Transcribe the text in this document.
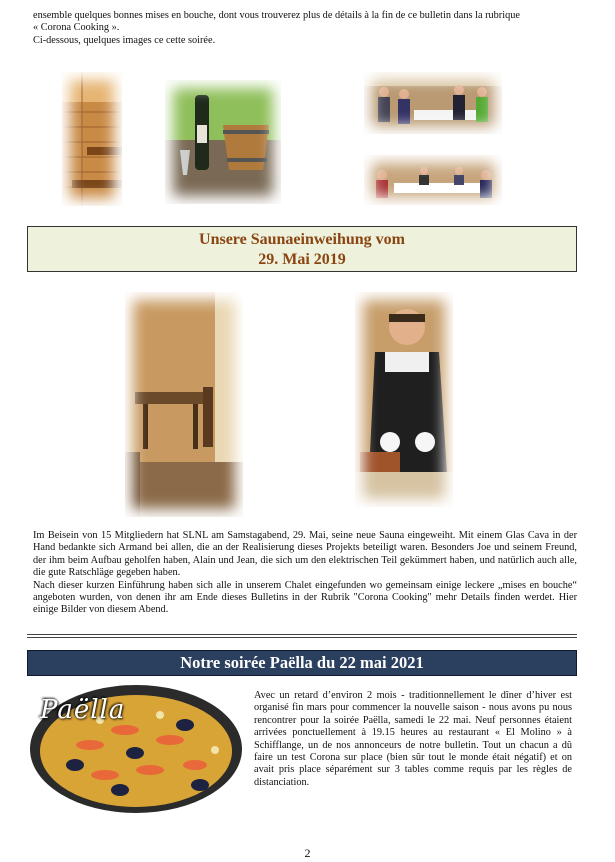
ensemble quelques bonnes mises en bouche, dont vous trouverez plus de détails à la fin de ce bulletin dans la rubrique
« Corona Cooking ».
Ci-dessous, quelques images ce cette soirée.
Unsere Saunaeinweihung vom
29. Mai 2019
Im Beisein von 15 Mitgliedern hat SLNL am Samstagabend, 29. Mai, seine neue Sauna eingeweiht. Mit einem Glas Cava in der Hand bedankte sich Armand bei allen, die an der Realisierung dieses Projekts beteiligt waren. Besonders Joe und seinem Freund, der ihm beim Aufbau geholfen haben, Alain und Jean, die sich um den elektrischen Teil gekümmert haben, und natürlich auch alle, die gute Ratschläge gegeben haben.
Nach dieser kurzen Einführung haben sich alle in unserem Chalet eingefunden wo gemeinsam einige leckere „mises en bouche“ angeboten wurden, von denen ihr am Ende dieses Bulletins in der Rubrik "Corona Cooking" mehr Details finden werdet. Hier einige Bilder von diesem Abend.
Notre soirée Paëlla du 22 mai 2021
Paëlla	Avec un retard d’environ 2 mois - traditionnellement le dîner d’hiver est organisé fin mars pour commencer la nouvelle saison - nous avons pu nous rencontrer pour la soirée Paëlla, samedi le 22 mai. Neuf personnes étaient arrivées ponctuellement à 19.15 heures au restaurant « El Molino » à Schifflange, un de nos annonceurs de notre bulletin. Tout un chacun a dû faire un test Corona sur place (bien sûr tout le monde était négatif) et on avait pris place séparément sur 3 tables comme requis par les règles de distanciation.
2
